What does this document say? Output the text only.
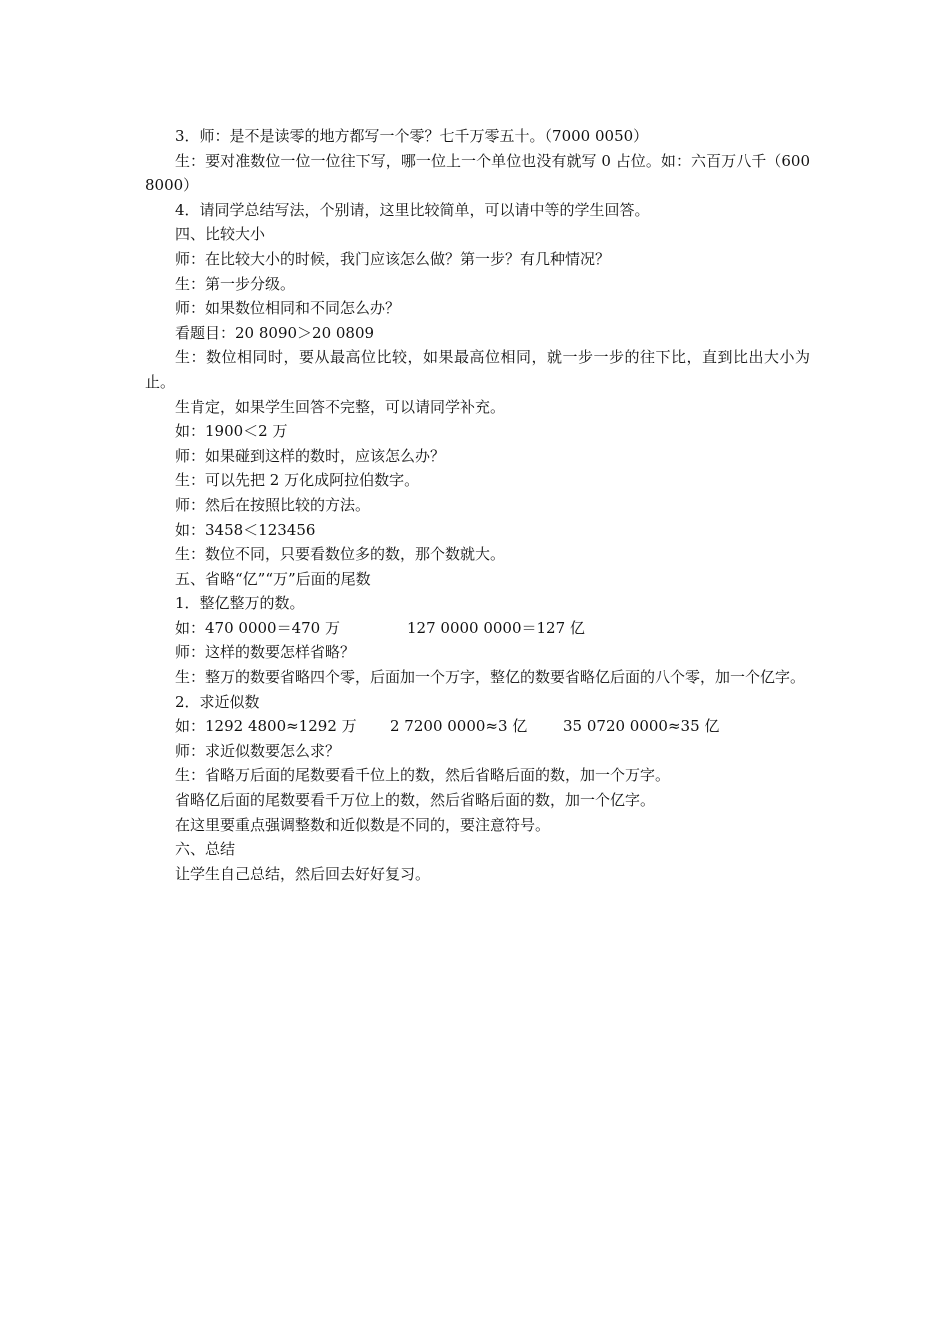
3．师：是不是读零的地方都写一个零？七千万零五十。（7000 0050）

生：要对准数位一位一位往下写，哪一位上一个单位也没有就写 0 占位。如：六百万八千（600 8000）

4．请同学总结写法，个别请，这里比较简单，可以请中等的学生回答。

四、比较大小

师：在比较大小的时候，我门应该怎么做？第一步？有几种情况？

生：第一步分级。

师：如果数位相同和不同怎么办？

看题目：20 8090＞20 0809

生：数位相同时，要从最高位比较，如果最高位相同，就一步一步的往下比，直到比出大小为止。

生肯定，如果学生回答不完整，可以请同学补充。

如：1900＜2 万

师：如果碰到这样的数时，应该怎么办？

生：可以先把 2 万化成阿拉伯数字。

师：然后在按照比较的方法。

如：3458＜123456

生：数位不同，只要看数位多的数，那个数就大。

五、省略“亿”“万”后面的尾数

1．整亿整万的数。

如：470 0000＝470 万	127 0000 0000＝127 亿

师：这样的数要怎样省略？

生：整万的数要省略四个零，后面加一个万字，整亿的数要省略亿后面的八个零，加一个亿字。

2．求近似数

如：1292 4800≈1292 万 2 7200 0000≈3 亿 35 0720 0000≈35 亿

师：求近似数要怎么求？

生：省略万后面的尾数要看千位上的数，然后省略后面的数，加一个万字。

省略亿后面的尾数要看千万位上的数，然后省略后面的数，加一个亿字。

在这里要重点强调整数和近似数是不同的，要注意符号。

六、总结

让学生自己总结，然后回去好好复习。
